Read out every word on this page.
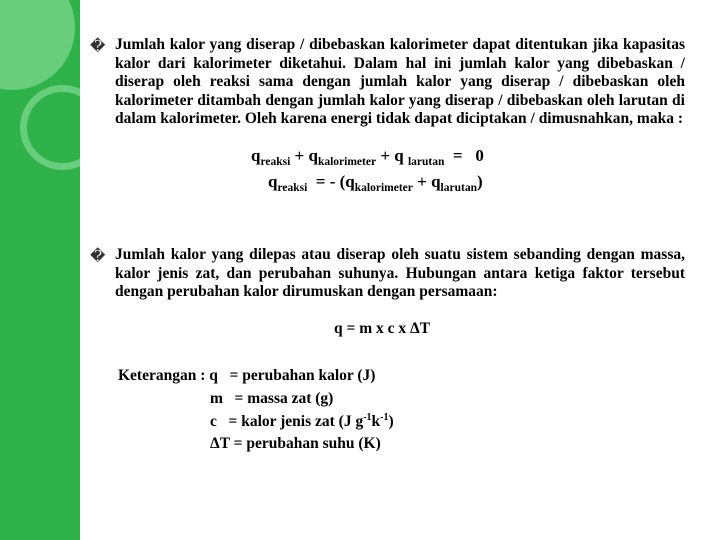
� Jumlah kalor yang diserap / dibebaskan kalorimeter dapat ditentukan jika kapasitas kalor dari kalorimeter diketahui. Dalam hal ini jumlah kalor yang dibebaskan / diserap oleh reaksi sama dengan jumlah kalor yang diserap / dibebaskan oleh kalorimeter ditambah dengan jumlah kalor yang diserap / dibebaskan oleh larutan di dalam kalorimeter. Oleh karena energi tidak dapat diciptakan / dimusnahkan, maka :
$q_{reaksi} + q_{kalorimeter} + q$ $_{larutan}$  =   0
$q_{reaksi}$  = - $(q_{kalorimeter} + q_{larutan})$
� Jumlah kalor yang dilepas atau diserap oleh suatu sistem sebanding dengan massa, kalor jenis zat, dan perubahan suhunya. Hubungan antara ketiga faktor tersebut dengan perubahan kalor dirumuskan dengan persamaan:
q = m x c x ΔT
Keterangan : q   = perubahan kalor (J)
m   = massa zat (g)
c   = kalor jenis zat (J $g^{-1}k^{-1}$)
ΔT = perubahan suhu (K)
